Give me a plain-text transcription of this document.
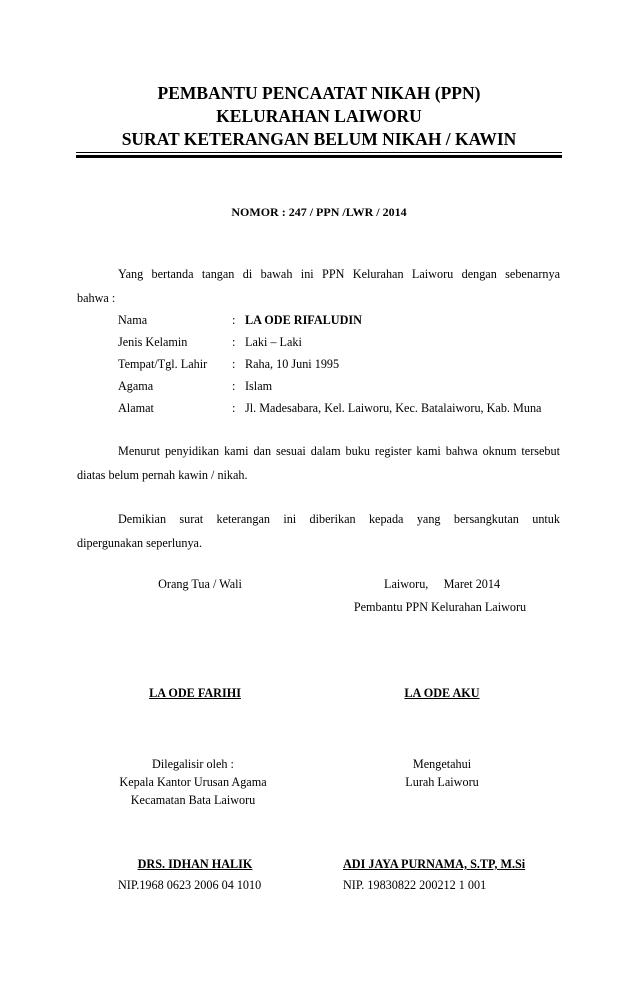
PEMBANTU PENCAATAT NIKAH (PPN)
KELURAHAN LAIWORU
SURAT KETERANGAN BELUM NIKAH / KAWIN
NOMOR : 247 / PPN /LWR / 2014
Yang bertanda tangan di bawah ini PPN Kelurahan Laiworu dengan sebenarnya
bahwa :
Nama	: LA ODE RIFALUDIN
Jenis Kelamin	: Laki – Laki
Tempat/Tgl. Lahir : Raha, 10 Juni 1995
Agama	: Islam
Alamat	: Jl. Madesabara, Kel. Laiworu, Kec. Batalaiworu, Kab. Muna
Menurut penyidikan kami dan sesuai dalam buku register kami bahwa oknum tersebut
diatas belum pernah kawin / nikah.
Demikian surat keterangan ini diberikan kepada yang bersangkutan untuk
dipergunakan seperlunya.
Orang Tua / Wali	Laiworu,     Maret 2014
Pembantu PPN Kelurahan Laiworu
LA ODE FARIHI	LA ODE AKU
Dilegalisir oleh :
Kepala Kantor Urusan Agama
Kecamatan Bata Laiworu
Mengetahui
Lurah Laiworu
DRS. IDHAN HALIK
NIP.1968 0623 2006 04 1010
ADI JAYA PURNAMA, S.TP, M.Si
NIP. 19830822 200212 1 001
